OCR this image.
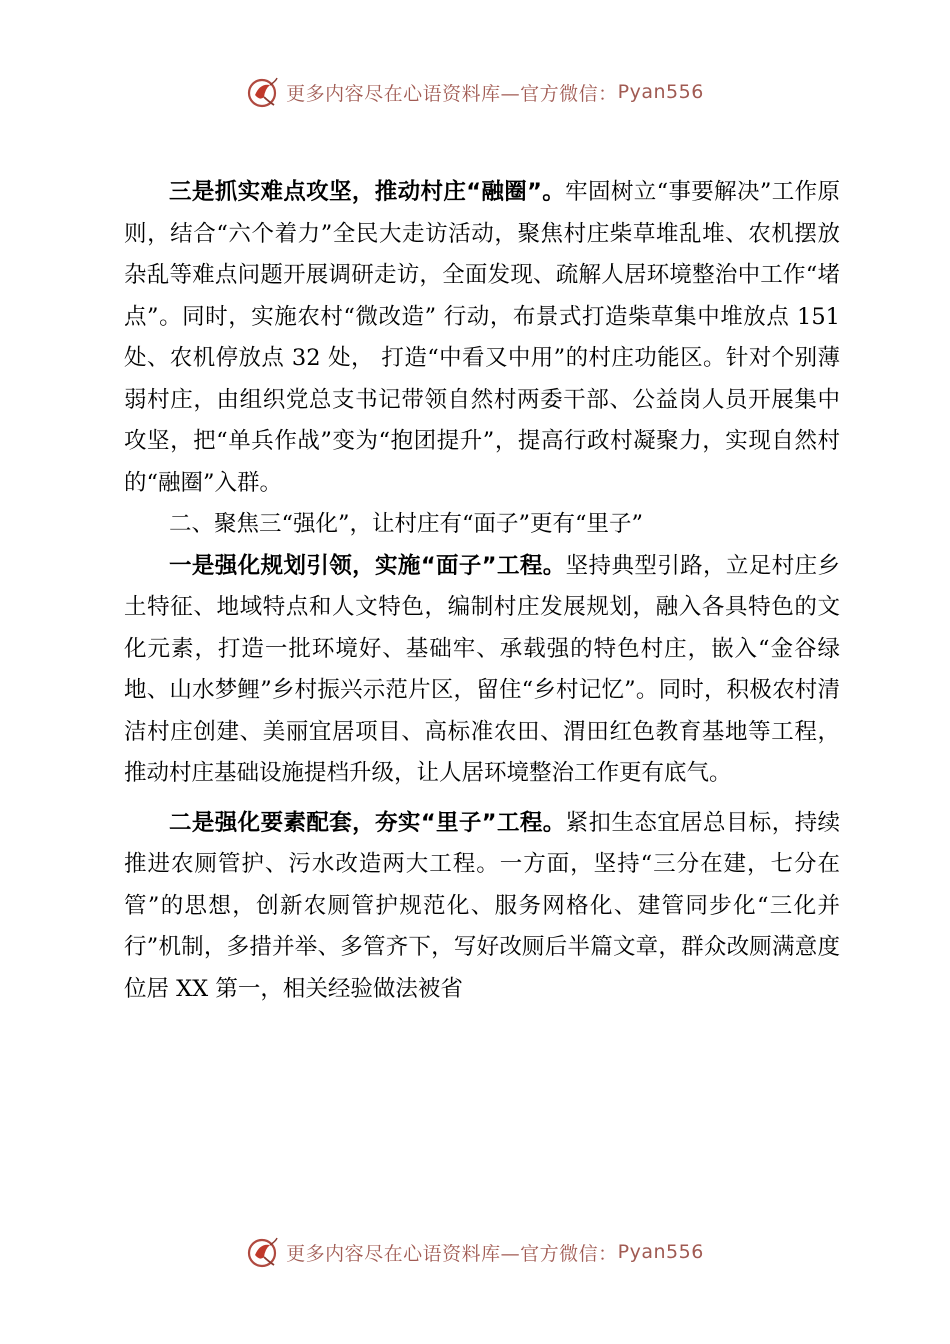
更多内容尽在心语资料库—官方微信： Pyan556

三是抓实难点攻坚，推动村庄“融圈”。牢固树立“事要解决”工作原则，结合“六个着力”全民大走访活动，聚焦村庄柴草堆乱堆、农机摆放杂乱等难点问题开展调研走访，全面发现、疏解人居环境整治中工作“堵点”。同时，实施农村“微改造” 行动，布景式打造柴草集中堆放点 151 处、农机停放点 32 处， 打造“中看又中用”的村庄功能区。针对个别薄弱村庄，由组织党总支书记带领自然村两委干部、公益岗人员开展集中攻坚，把“单兵作战”变为“抱团提升”，提高行政村凝聚力，实现自然村的“融圈”入群。

二、聚焦三“强化”，让村庄有“面子”更有“里子”

一是强化规划引领，实施“面子”工程。坚持典型引路，立足村庄乡土特征、地域特点和人文特色，编制村庄发展规划，融入各具特色的文化元素，打造一批环境好、基础牢、承载强的特色村庄，嵌入“金谷绿地、山水梦鲤”乡村振兴示范片区，留住“乡村记忆”。同时，积极农村清洁村庄创建、美丽宜居项目、高标准农田、渭田红色教育基地等工程，推动村庄基础设施提档升级，让人居环境整治工作更有底气。

二是强化要素配套，夯实“里子”工程。紧扣生态宜居总目标，持续推进农厕管护、污水改造两大工程。一方面，坚持“三分在建，七分在管”的思想，创新农厕管护规范化、服务网格化、建管同步化“三化并行”机制，多措并举、多管齐下，写好改厕后半篇文章，群众改厕满意度位居 XX 第一，相关经验做法被省

更多内容尽在心语资料库—官方微信： Pyan556
